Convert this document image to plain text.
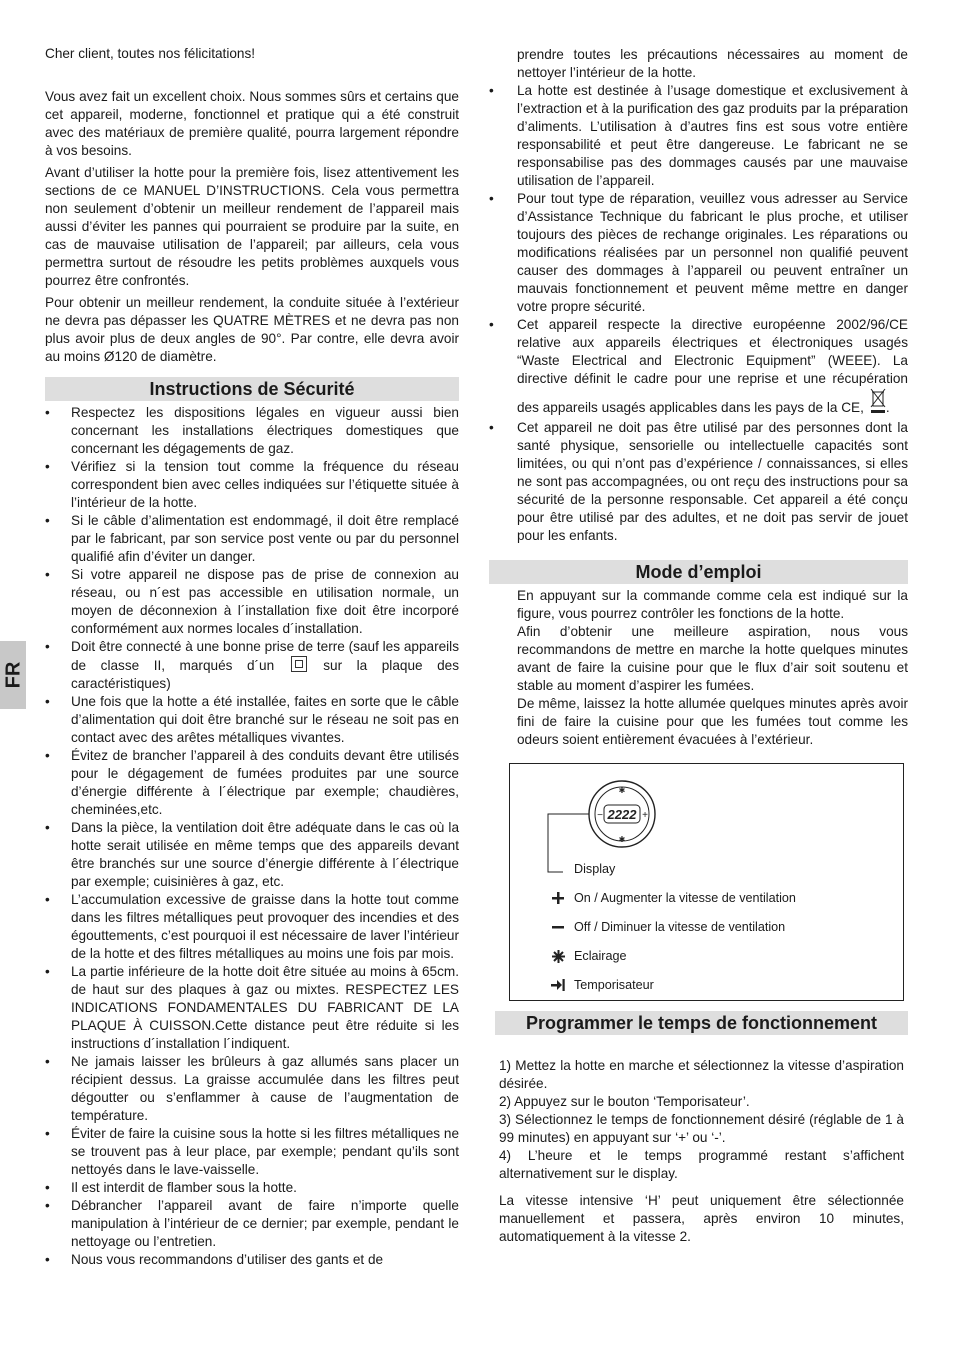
FR

Cher client, toutes nos félicitations!

Vous avez fait un excellent choix. Nous sommes sûrs et certains que cet appareil, moderne, fonctionnel et pratique qui a été construit avec des matériaux de première qualité, pourra largement répondre à vos besoins.

Avant d’utiliser la hotte pour la première fois, lisez attentivement les sections de ce MANUEL D’INSTRUCTIONS. Cela vous permettra non seulement d’obtenir un meilleur rendement de l’appareil mais aussi d’éviter les pannes qui pourraient se produire par la suite, en cas de mauvaise utilisation de l’appareil; par ailleurs, cela vous permettra surtout de résoudre les petits problèmes auxquels vous pourrez être confrontés.

Pour obtenir un meilleur rendement, la conduite située à l’extérieur ne devra pas dépasser les QUATRE MÈTRES et ne devra pas non plus avoir plus de deux angles de 90°. Par contre, elle devra avoir au moins Ø120 de diamètre.

Instructions de Sécurité
• Respectez les dispositions légales en vigueur aussi bien concernant les installations électriques domestiques que concernant les dégagements de gaz.
• Vérifiez si la tension tout comme la fréquence du réseau correspondent bien avec celles indiquées sur l’étiquette située à l’intérieur de la hotte.
• Si le câble d’alimentation est endommagé, il doit être remplacé par le fabricant, par son service post vente ou par du personnel qualifié afin d’éviter un danger.
• Si votre appareil ne dispose pas de prise de connexion au réseau, ou n´est pas accessible en utilisation normale, un moyen de déconnexion à l´installation fixe doit être incorporé conformément aux normes locales d´installation.
• Doit être connecté à une bonne prise de terre (sauf les appareils de classe II, marqués d´un	sur la plaque des caractéristiques)
• Une fois que la hotte a été installée, faites en sorte que le câble d’alimentation qui doit être branché sur le réseau ne soit pas en contact avec des arêtes métalliques vivantes.
• Évitez de brancher l’appareil à des conduits devant être utilisés pour le dégagement de fumées produites par une source d’énergie différente à l´électrique par exemple; chaudières, cheminées,etc.
• Dans la pièce, la ventilation doit être adéquate dans le cas où la hotte serait utilisée en même temps que des appareils devant être branchés sur une source d’énergie différente à l´électrique par exemple; cuisinières à gaz, etc.
• L’accumulation excessive de graisse dans la hotte tout comme dans les filtres métalliques peut provoquer des incendies et des égouttements, c’est pourquoi il est nécessaire de laver l’intérieur de la hotte et des filtres métalliques au moins une fois par mois.
• La partie inférieure de la hotte doit être située au moins à 65cm. de haut sur des plaques à gaz ou mixtes. RESPECTEZ LES INDICATIONS FONDAMENTALES DU FABRICANT DE LA PLAQUE À CUISSON.Cette distance peut être réduite si les instructions d´installation l´indiquent.
• Ne jamais laisser les brûleurs à gaz allumés sans placer un récipient dessus. La graisse accumulée dans les filtres peut dégoutter ou s’enflammer à cause de l’augmentation de température.
• Éviter de faire la cuisine sous la hotte si les filtres métalliques ne se trouvent pas à leur place, par exemple; pendant qu’ils sont nettoyés dans le lave-vaisselle.
• Il est interdit de flamber sous la hotte.
• Débrancher l’appareil avant de faire n’importe quelle manipulation à l’intérieur de ce dernier; par exemple, pendant le nettoyage ou l’entretien.
• Nous vous recommandons d’utiliser des gants et de

prendre toutes les précautions nécessaires au moment de nettoyer l’intérieur de la hotte.

• La hotte est destinée à l’usage domestique et exclusivement à l’extraction et à la purification des gaz produits par la préparation d’aliments. L’utilisation à d’autres fins est sous votre entière responsabilité et peut être dangereuse. Le fabricant ne se responsabilise pas des dommages causés par une mauvaise utilisation de l’appareil.
• Pour tout type de réparation, veuillez vous adresser au Service d’Assistance Technique du fabricant le plus proche, et utiliser toujours des pièces de rechange originales. Les réparations ou modifications réalisées par un personnel non qualifié peuvent causer des dommages à l’appareil ou peuvent entraîner un mauvais fonctionnement et peuvent même mettre en danger votre propre sécurité.
• Cet appareil respecte la directive européenne 2002/96/CE relative aux appareils électriques et électroniques usagés “Waste Electrical and Electronic Equipment” (WEEE). La directive définit le cadre pour une reprise et une récupération des appareils usagés applicables dans les pays de la CE, .
• Cet appareil ne doit pas être utilisé par des personnes dont la santé physique, sensorielle ou intellectuelle capacités sont limitées, ou qui n’ont pas d’expérience / connaissances, si elles ne sont pas accompagnées, ou ont reçu des instructions pour sa sécurité de la personne responsable. Cet appareil a été conçu pour être utilisé par des adultes, et ne doit pas servir de jouet pour les enfants.
Mode d’emploi

En appuyant sur la commande comme cela est indiqué sur la figure, vous pourrez contrôler les fonctions de la hotte.

Afin d’obtenir une meilleure aspiration, nous vous recommandons de mettre en marche la hotte quelques minutes avant de faire la cuisine pour que le flux d’air soit soutenu et stable au moment d’aspirer les fumées.

De même, laissez la hotte allumée quelques minutes après avoir fini de faire la cuisine pour que les fumées tout comme les odeurs soient entièrement évacuées à l’extérieur.

2222
✱
✱
−	+
Display
On / Augmenter la vitesse de ventilation
Off / Diminuer la vitesse de ventilation
Eclairage
Temporisateur
Programmer le temps de fonctionnement

1) Mettez la hotte en marche et sélectionnez la vitesse d’aspiration désirée.

2) Appuyez sur le bouton ‘Temporisateur’.

3) Sélectionnez le temps de fonctionnement désiré (réglable de 1 à 99 minutes) en appuyant sur ‘+’ ou ‘-’.

4) L’heure et le temps programmé restant s’affichent alternativement sur le display.

La vitesse intensive ‘H’ peut uniquement être sélectionnée manuellement et passera, après environ 10 minutes, automatiquement à la vitesse 2.
